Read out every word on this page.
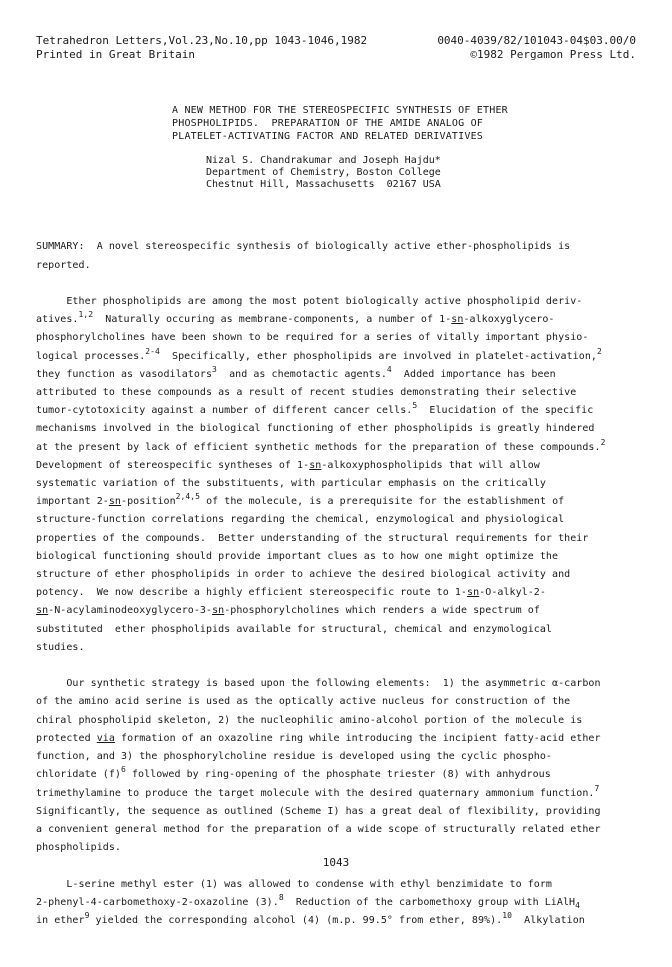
Tetrahedron Letters,Vol.23,No.10,pp 1043-1046,1982
Printed in Great Britain
0040-4039/82/101043-04$03.00/0
©1982 Pergamon Press Ltd.
A NEW METHOD FOR THE STEREOSPECIFIC SYNTHESIS OF ETHER
PHOSPHOLIPIDS.  PREPARATION OF THE AMIDE ANALOG OF
PLATELET-ACTIVATING FACTOR AND RELATED DERIVATIVES
Nizal S. Chandrakumar and Joseph Hajdu*
Department of Chemistry, Boston College
Chestnut Hill, Massachusetts  02167 USA

SUMMARY:  A novel stereospecific synthesis of biologically active ether-phospholipids is
reported.

Ether phospholipids are among the most potent biologically active phospholipid deriv-
atives.$^{1,2}$  Naturally occuring as membrane-components, a number of 1-sn-alkoxyglycero-
phosphorylcholines have been shown to be required for a series of vitally important physio-
logical processes.$^{2-4}$  Specifically, ether phospholipids are involved in platelet-activation,$^2$
they function as vasodilators$^3$  and as chemotactic agents.$^4$  Added importance has been
attributed to these compounds as a result of recent studies demonstrating their selective
tumor-cytotoxicity against a number of different cancer cells.$^5$  Elucidation of the specific
mechanisms involved in the biological functioning of ether phospholipids is greatly hindered
at the present by lack of efficient synthetic methods for the preparation of these compounds.$^2$
Development of stereospecific syntheses of 1-sn-alkoxyphospholipids that will allow
systematic variation of the substituents, with particular emphasis on the critically
important 2-sn-position$^{2,4,5}$ of the molecule, is a prerequisite for the establishment of
structure-function correlations regarding the chemical, enzymological and physiological
properties of the compounds.  Better understanding of the structural requirements for their
biological functioning should provide important clues as to how one might optimize the
structure of ether phospholipids in order to achieve the desired biological activity and
potency.  We now describe a highly efficient stereospecific route to 1-sn-O-alkyl-2-
sn-N-acylaminodeoxyglycero-3-sn-phosphorylcholines which renders a wide spectrum of
substituted  ether phospholipids available for structural, chemical and enzymological
studies.

Our synthetic strategy is based upon the following elements:  1) the asymmetric α-carbon
of the amino acid serine is used as the optically active nucleus for construction of the
chiral phospholipid skeleton, 2) the nucleophilic amino-alcohol portion of the molecule is
protected via formation of an oxazoline ring while introducing the incipient fatty-acid ether
function, and 3) the phosphorylcholine residue is developed using the cyclic phospho-
chloridate $(f)^6$ followed by ring-opening of the phosphate triester (8) with anhydrous
trimethylamine to produce the target molecule with the desired quaternary ammonium function.$^7$
Significantly, the sequence as outlined (Scheme I) has a great deal of flexibility, providing
a convenient general method for the preparation of a wide scope of structurally related ether
phospholipids.

L-serine methyl ester (1) was allowed to condense with ethyl benzimidate to form
2-phenyl-4-carbomethoxy-2-oxazoline (3).$^8$  Reduction of the carbomethoxy group with LiAlH$_4$
in ether$^9$ yielded the corresponding alcohol (4) (m.p. 99.5° from ether, 89%).$^{10}$  Alkylation

1043
